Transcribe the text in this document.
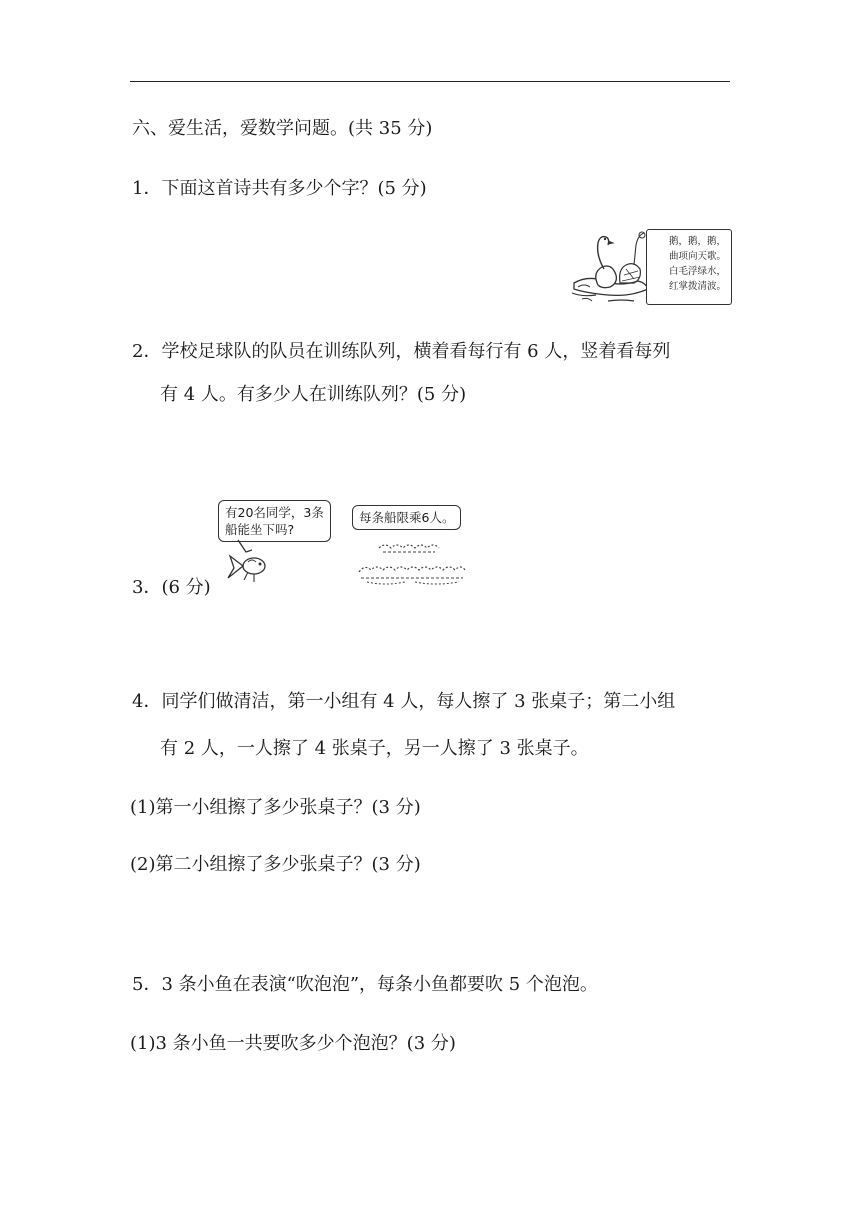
六、爱生活，爱数学问题。(共 35 分)
1．下面这首诗共有多少个字？(5 分)
鹅，鹅，鹅，
曲项向天歌。
白毛浮绿水，
红掌拨清波。
2．学校足球队的队员在训练队列，横着看每行有 6 人，竖着看每列
有 4 人。有多少人在训练队列？(5 分)
3．(6 分)
有20名同学，3条
船能坐下吗?
每条船限乘6人。
4．同学们做清洁，第一小组有 4 人，每人擦了 3 张桌子；第二小组
有 2 人，一人擦了 4 张桌子，另一人擦了 3 张桌子。
(1)第一小组擦了多少张桌子？(3 分)
(2)第二小组擦了多少张桌子？(3 分)
5．3 条小鱼在表演“吹泡泡”，每条小鱼都要吹 5 个泡泡。
(1)3 条小鱼一共要吹多少个泡泡？(3 分)
